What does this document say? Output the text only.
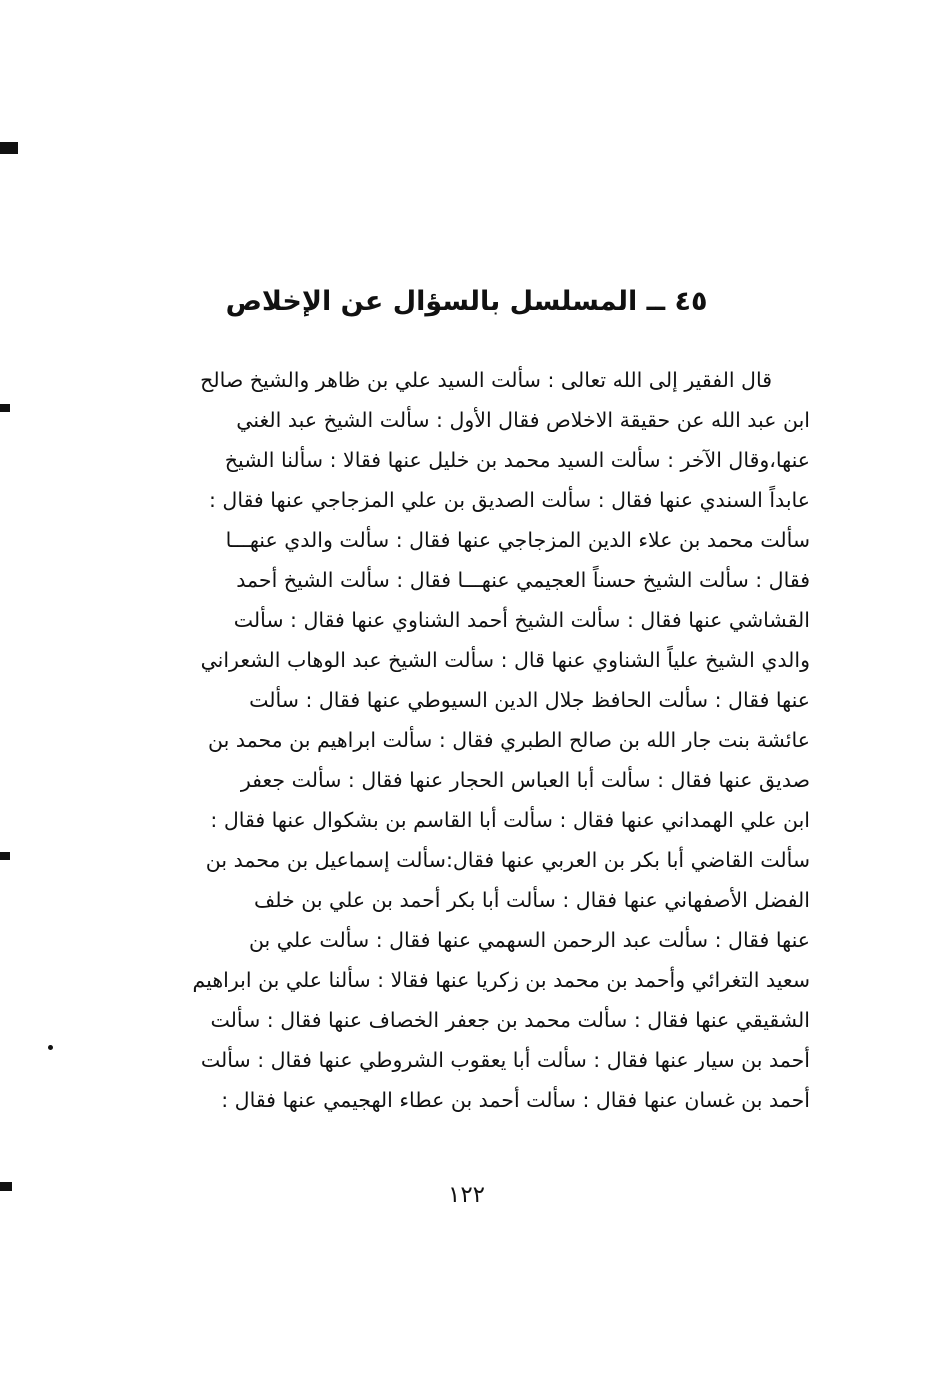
٤٥ ــ المسلسل بالسؤال عن الإخلاص
قال الفقير إلى الله تعالى : سألت السيد علي بن ظاهر والشيخ صالح
ابن عبد الله عن حقيقة الاخلاص فقال الأول : سألت الشيخ عبد الغني
عنها،وقال الآخر : سألت السيد محمد بن خليل عنها فقالا : سألنا الشيخ
عابداً السندي عنها فقال : سألت الصديق بن علي المزجاجي عنها فقال :
سألت محمد بن علاء الدين المزجاجي عنها فقال : سألت والدي عنهـــا
فقال : سألت الشيخ حسناً العجيمي عنهـــا فقال : سألت الشيخ أحمد
القشاشي عنها فقال : سألت الشيخ أحمد الشناوي عنها فقال : سألت
والدي الشيخ علياً الشناوي عنها قال : سألت الشيخ عبد الوهاب الشعراني
عنها فقال : سألت الحافظ جلال الدين السيوطي عنها فقال : سألت
عائشة بنت جار الله بن صالح الطبري فقال : سألت ابراهيم بن محمد بن
صديق عنها فقال : سألت أبا العباس الحجار عنها فقال : سألت جعفر
ابن علي الهمداني عنها فقال : سألت أبا القاسم بن بشكوال عنها فقال :
سألت القاضي أبا بكر بن العربي عنها فقال:سألت إسماعيل بن محمد بن
الفضل الأصفهاني عنها فقال : سألت أبا بكر أحمد بن علي بن خلف
عنها فقال : سألت عبد الرحمن السهمي عنها فقال : سألت علي بن
سعيد التغرائي وأحمد بن محمد بن زكريا عنها فقالا : سألنا علي بن ابراهيم
الشقيقي عنها فقال : سألت محمد بن جعفر الخصاف عنها فقال : سألت
أحمد بن سيار عنها فقال : سألت أبا يعقوب الشروطي عنها فقال : سألت
أحمد بن غسان عنها فقال : سألت أحمد بن عطاء الهجيمي عنها فقال :
١٢٢
